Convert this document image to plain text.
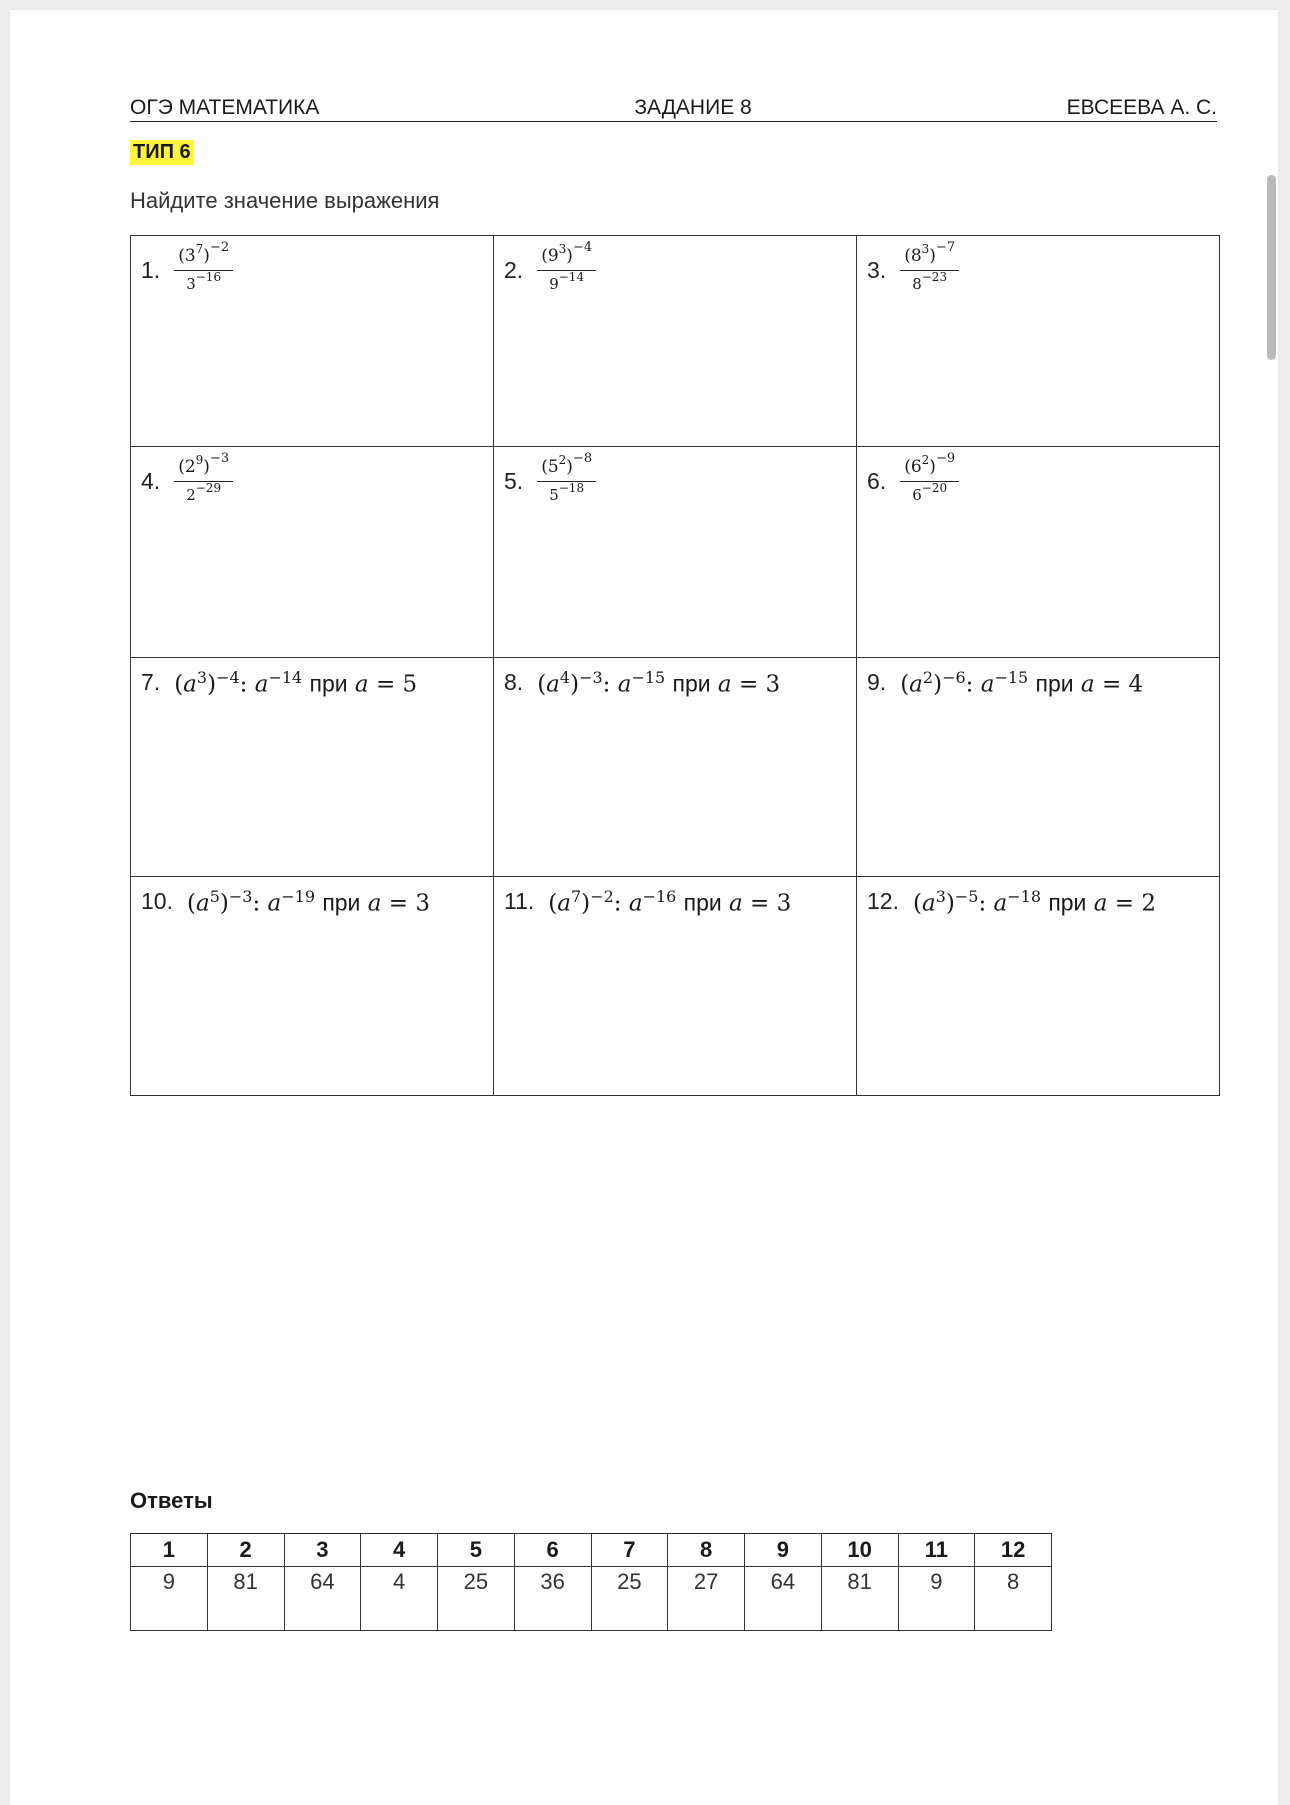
ОГЭ МАТЕМАТИКА	ЗАДАНИЕ 8	ЕВСЕЕВА А. С.
ТИП 6
Найдите значение выражения
1. $\frac{(3^7)^{-2}}{3^{-16}}$	2. $\frac{(9^3)^{-4}}{9^{-14}}$	3. $\frac{(8^3)^{-7}}{8^{-23}}$

4. $\frac{(2^9)^{-3}}{2^{-29}}$	5. $\frac{(5^2)^{-8}}{5^{-18}}$	6. $\frac{(6^2)^{-9}}{6^{-20}}$

7. $(a^3)^{-4}$: $a^{-14}$ при a = 5	8. $(a^4)^{-3}$: $a^{-15}$ при a = 3	9. $(a^2)^{-6}$: $a^{-15}$ при a = 4

10. $(a^5)^{-3}$: $a^{-19}$ при a = 3	11. $(a^7)^{-2}$: $a^{-16}$ при a = 3	12. $(a^3)^{-5}$: $a^{-18}$ при a = 2
Ответы
1	2	3	4	5	6	7	8	9	10	11	12
9	81	64	4	25	36	25	27	64	81	9	8
